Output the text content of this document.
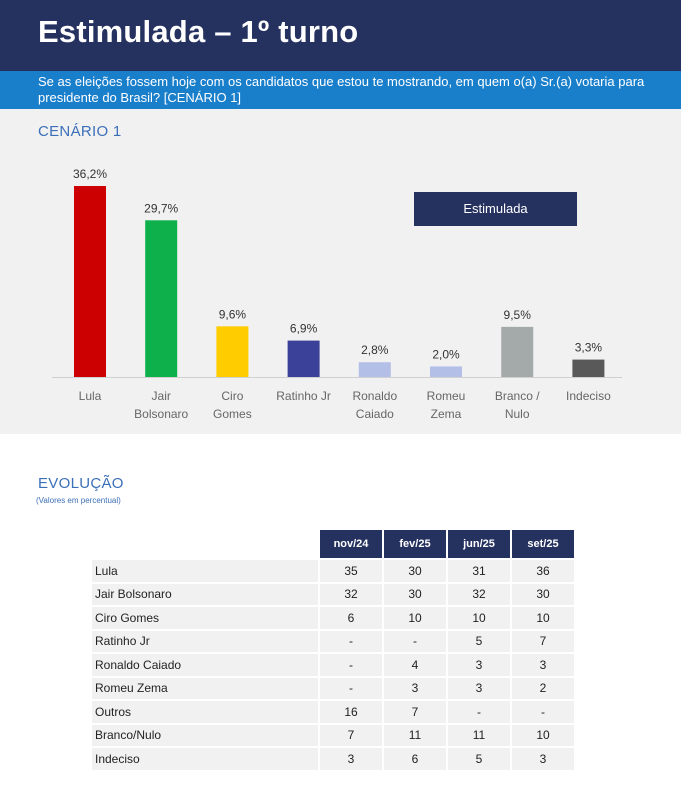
Estimulada – 1º turno
Se as eleições fossem hoje com os candidatos que estou te mostrando, em quem o(a) Sr.(a) votaria para presidente do Brasil? [CENÁRIO 1]
CENÁRIO 1
36,2%
Lula
29,7%
Jair Bolsonaro
9,6%
Ciro Gomes
6,9%
Ratinho Jr
2,8%
Ronaldo Caiado
2,0%
Romeu Zema
9,5%
Branco / Nulo
3,3%
Indeciso
Estimulada
EVOLUÇÃO
(Valores em percentual)
	nov/24	fev/25	jun/25	set/25
Lula	35	30	31	36
Jair Bolsonaro	32	30	32	30
Ciro Gomes	6	10	10	10
Ratinho Jr	-	-	5	7
Ronaldo Caiado	-	4	3	3
Romeu Zema	-	3	3	2
Outros	16	7	-	-
Branco/Nulo	7	11	11	10
Indeciso	3	6	5	3
